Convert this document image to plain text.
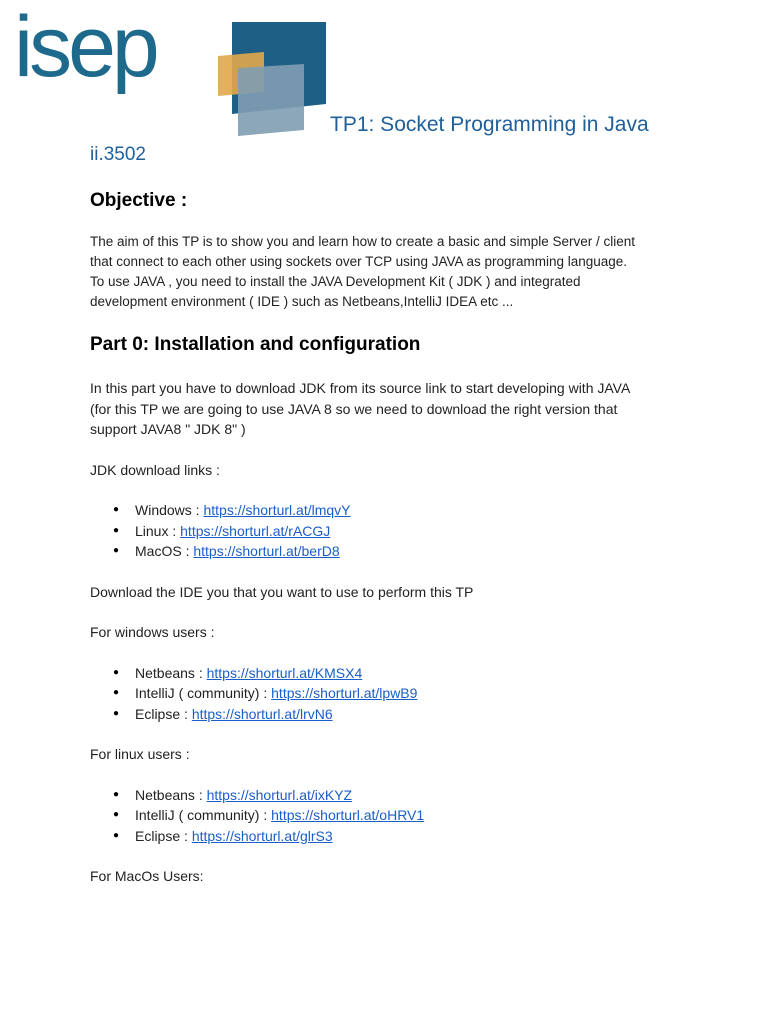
isep
TP1: Socket Programming in Java
ii.3502
Objective :
The aim of this TP is to show you and learn how to create a basic and simple Server / client
that connect to each other using sockets over TCP using JAVA as programming language.
To use JAVA , you need to install the JAVA Development Kit ( JDK ) and integrated
development environment ( IDE ) such as Netbeans,IntelliJ IDEA etc ...
Part 0: Installation and configuration

In this part you have to download JDK from its source link to start developing with JAVA

(for this TP we are going to use JAVA 8 so we need to download the right version that

support JAVA8 " JDK 8" )

JDK download links :

● Windows : https://shorturl.at/lmqvY
● Linux : https://shorturl.at/rACGJ
● MacOS : https://shorturl.at/berD8

Download the IDE you that you want to use to perform this TP

For windows users :

● Netbeans : https://shorturl.at/KMSX4
● IntelliJ ( community) : https://shorturl.at/lpwB9
● Eclipse : https://shorturl.at/lrvN6

For linux users :

● Netbeans : https://shorturl.at/ixKYZ
● IntelliJ ( community) : https://shorturl.at/oHRV1
● Eclipse : https://shorturl.at/glrS3

For MacOs Users:
